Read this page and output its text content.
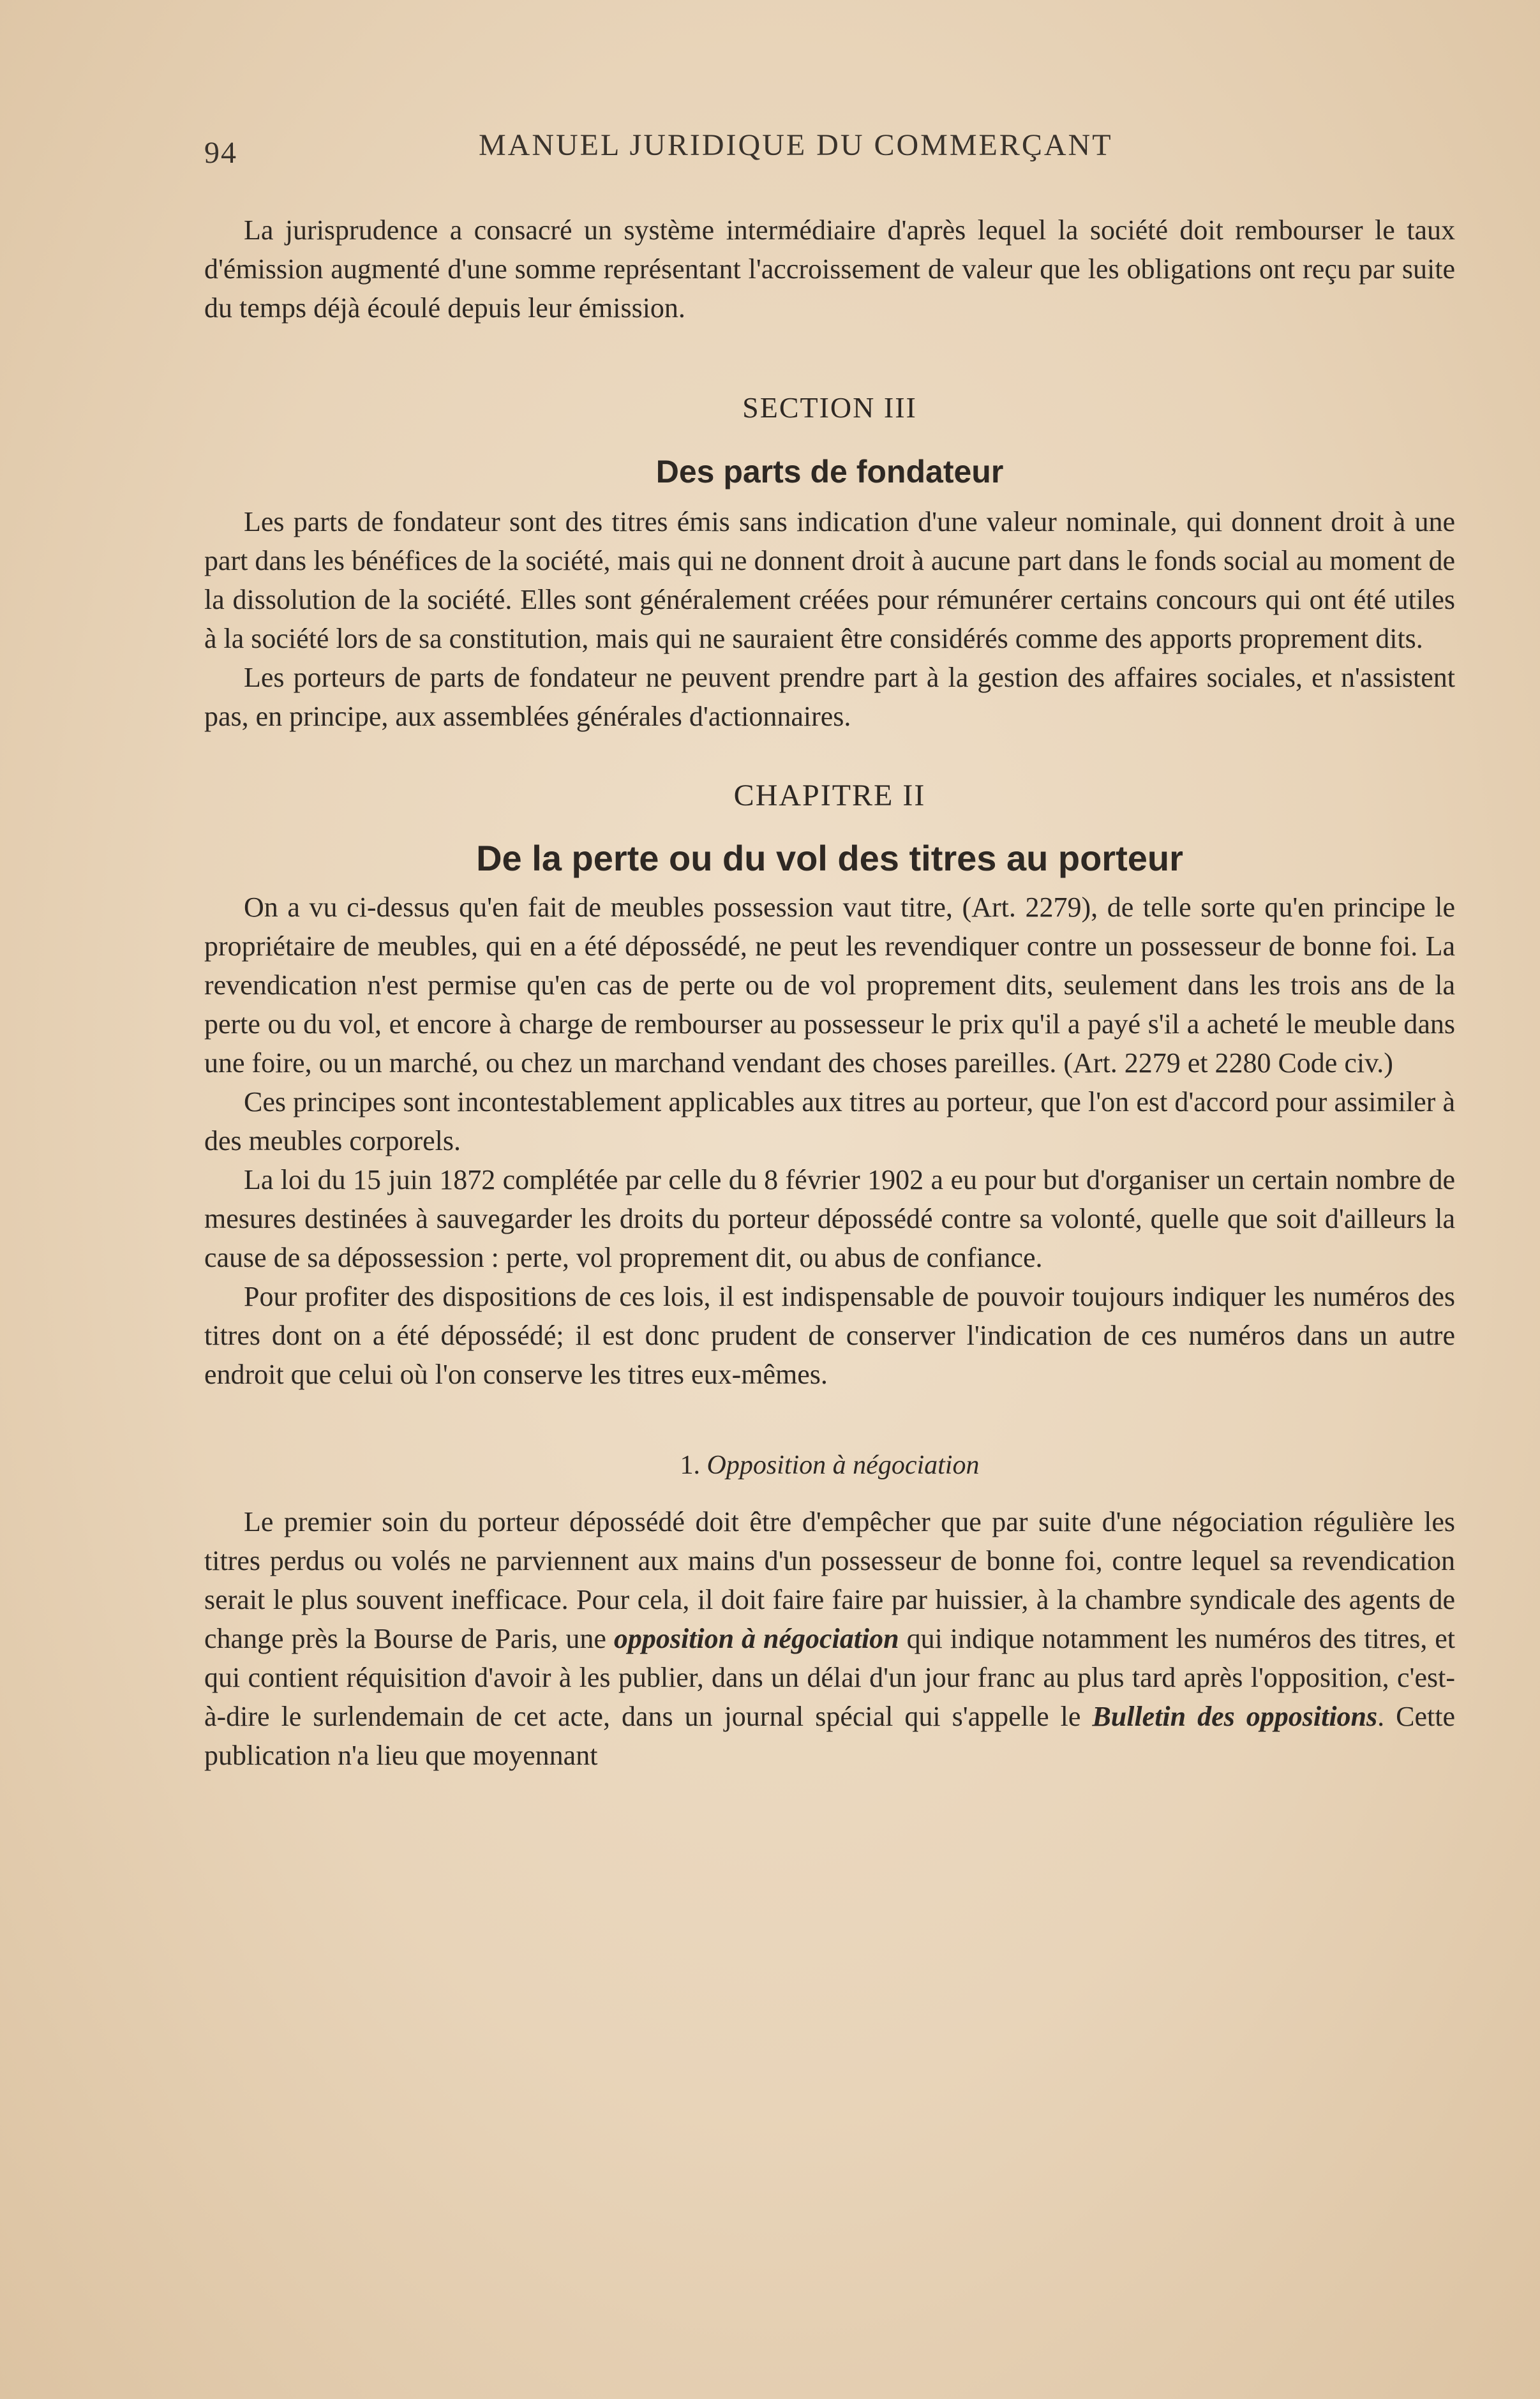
94	MANUEL JURIDIQUE DU COMMERÇANT

La jurisprudence a consacré un système intermédiaire d'après lequel la société doit rembourser le taux d'émission augmenté d'une somme représentant l'accroissement de valeur que les obligations ont reçu par suite du temps déjà écoulé depuis leur émission.

SECTION III
Des parts de fondateur

Les parts de fondateur sont des titres émis sans indication d'une valeur nominale, qui donnent droit à une part dans les bénéfices de la société, mais qui ne donnent droit à aucune part dans le fonds social au moment de la dissolution de la société. Elles sont généralement créées pour rémunérer certains concours qui ont été utiles à la société lors de sa constitution, mais qui ne sauraient être considérés comme des apports proprement dits.

Les porteurs de parts de fondateur ne peuvent prendre part à la gestion des affaires sociales, et n'assistent pas, en principe, aux assemblées générales d'actionnaires.

CHAPITRE II
De la perte ou du vol des titres au porteur

On a vu ci-dessus qu'en fait de meubles possession vaut titre, (Art. 2279), de telle sorte qu'en principe le propriétaire de meubles, qui en a été dépossédé, ne peut les revendiquer contre un possesseur de bonne foi. La revendication n'est permise qu'en cas de perte ou de vol proprement dits, seulement dans les trois ans de la perte ou du vol, et encore à charge de rembourser au possesseur le prix qu'il a payé s'il a acheté le meuble dans une foire, ou un marché, ou chez un marchand vendant des choses pareilles. (Art. 2279 et 2280 Code civ.)

Ces principes sont incontestablement applicables aux titres au porteur, que l'on est d'accord pour assimiler à des meubles corporels.

La loi du 15 juin 1872 complétée par celle du 8 février 1902 a eu pour but d'organiser un certain nombre de mesures destinées à sauvegarder les droits du porteur dépossédé contre sa volonté, quelle que soit d'ailleurs la cause de sa dépossession : perte, vol proprement dit, ou abus de confiance.

Pour profiter des dispositions de ces lois, il est indispensable de pouvoir toujours indiquer les numéros des titres dont on a été dépossédé; il est donc prudent de conserver l'indication de ces numéros dans un autre endroit que celui où l'on conserve les titres eux-mêmes.

1. Opposition à négociation

Le premier soin du porteur dépossédé doit être d'empêcher que par suite d'une négociation régulière les titres perdus ou volés ne parviennent aux mains d'un possesseur de bonne foi, contre lequel sa revendication serait le plus souvent inefficace. Pour cela, il doit faire faire par huissier, à la chambre syndicale des agents de change près la Bourse de Paris, une opposition à négociation qui indique notamment les numéros des titres, et qui contient réquisition d'avoir à les publier, dans un délai d'un jour franc au plus tard après l'opposition, c'est-à-dire le surlendemain de cet acte, dans un journal spécial qui s'appelle le Bulletin des oppositions. Cette publication n'a lieu que moyennant
